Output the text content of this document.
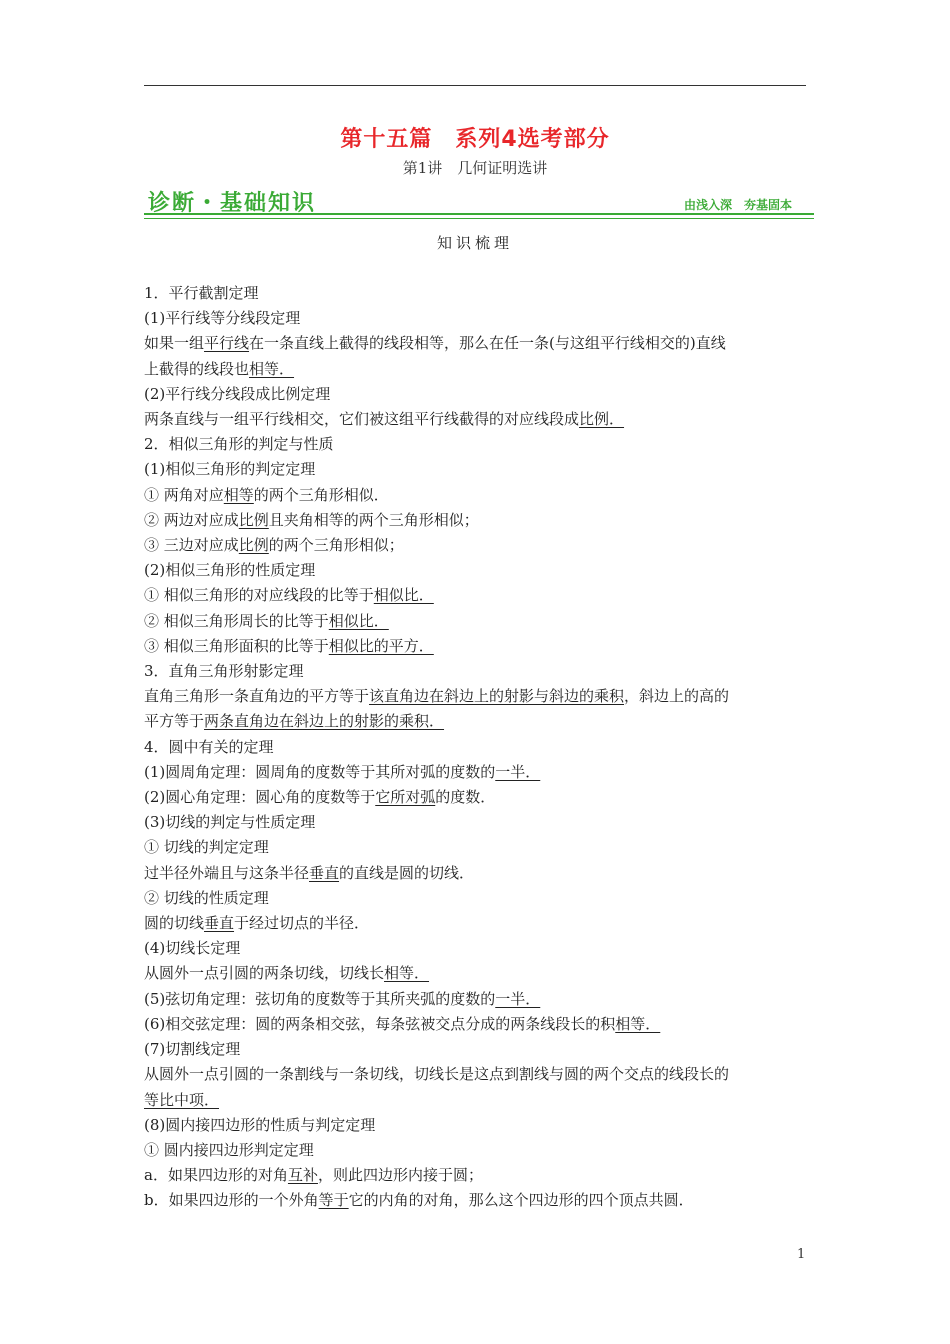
第十五篇　系列4选考部分
第1讲　几何证明选讲
诊断・基础知识	由浅入深　夯基固本
知识梳理

1．平行截割定理

(1)平行线等分线段定理

如果一组平行线在一条直线上截得的线段相等，那么在任一条(与这组平行线相交的)直线

上截得的线段也相等．

(2)平行线分线段成比例定理

两条直线与一组平行线相交，它们被这组平行线截得的对应线段成比例．

2．相似三角形的判定与性质

(1)相似三角形的判定定理

① 两角对应相等的两个三角形相似．

② 两边对应成比例且夹角相等的两个三角形相似；

③ 三边对应成比例的两个三角形相似；

(2)相似三角形的性质定理

① 相似三角形的对应线段的比等于相似比．

② 相似三角形周长的比等于相似比．

③ 相似三角形面积的比等于相似比的平方．

3．直角三角形射影定理

直角三角形一条直角边的平方等于该直角边在斜边上的射影与斜边的乘积，斜边上的高的

平方等于两条直角边在斜边上的射影的乘积．

4．圆中有关的定理

(1)圆周角定理：圆周角的度数等于其所对弧的度数的一半．

(2)圆心角定理：圆心角的度数等于它所对弧的度数．

(3)切线的判定与性质定理

① 切线的判定定理

过半径外端且与这条半径垂直的直线是圆的切线．

② 切线的性质定理

圆的切线垂直于经过切点的半径．

(4)切线长定理

从圆外一点引圆的两条切线，切线长相等．

(5)弦切角定理：弦切角的度数等于其所夹弧的度数的一半．

(6)相交弦定理：圆的两条相交弦，每条弦被交点分成的两条线段长的积相等．

(7)切割线定理

从圆外一点引圆的一条割线与一条切线，切线长是这点到割线与圆的两个交点的线段长的

等比中项．

(8)圆内接四边形的性质与判定定理

① 圆内接四边形判定定理

a．如果四边形的对角互补，则此四边形内接于圆；

b．如果四边形的一个外角等于它的内角的对角，那么这个四边形的四个顶点共圆．

1
